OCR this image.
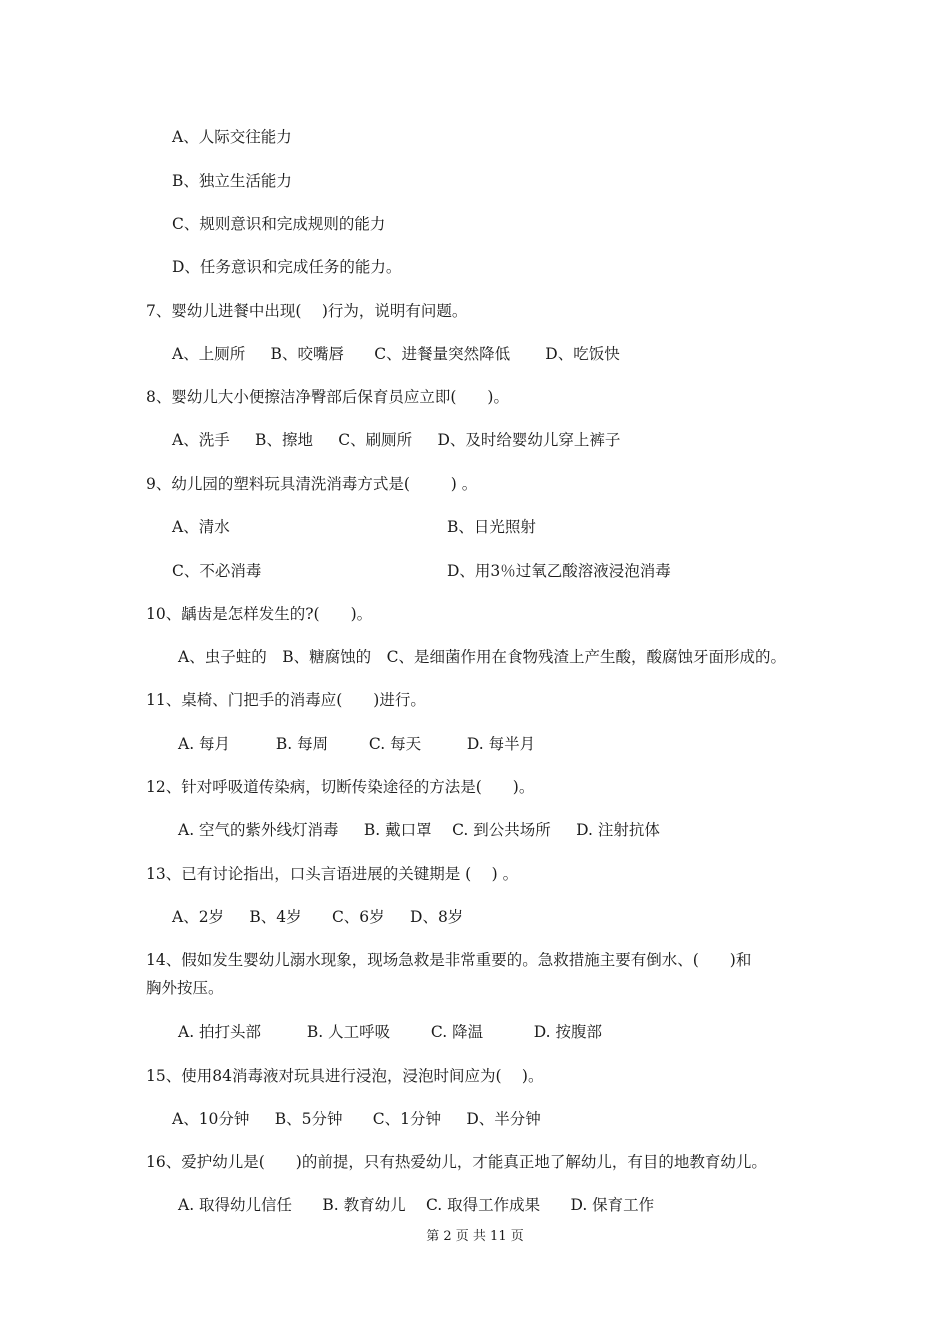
A、人际交往能力

B、独立生活能力

C、规则意识和完成规则的能力

D、任务意识和完成任务的能力。

7、婴幼儿进餐中出现(　 )行为，说明有问题。

A、上厕所　  B、咬嘴唇　   C、进餐量突然降低　    D、吃饭快

8、婴幼儿大小便擦洁净臀部后保育员应立即(　　)。

A、洗手　  B、擦地　  C、刷厕所　  D、及时给婴幼儿穿上裤子

9、幼儿园的塑料玩具清洗消毒方式是(　　  ) 。

A、清水	B、日光照射

C、不必消毒	D、用3％过氧乙酸溶液浸泡消毒

10、龋齿是怎样发生的?(　　)。

A、虫子蛀的　B、糖腐蚀的　C、是细菌作用在食物残渣上产生酸，酸腐蚀牙面形成的。

11、桌椅、门把手的消毒应(　　)进行。

A. 每月　　   B. 每周　　  C. 每天　　   D. 每半月

12、针对呼吸道传染病，切断传染途径的方法是(　　)。

A. 空气的紫外线灯消毒　  B. 戴口罩　 C. 到公共场所　  D. 注射抗体

13、已有讨论指出，口头言语进展的关键期是 (　 ) 。

A、2岁　  B、4岁　   C、6岁　  D、8岁

14、假如发生婴幼儿溺水现象，现场急救是非常重要的。急救措施主要有倒水、(　　)和

胸外按压。

A. 拍打头部　　   B. 人工呼吸　　  C. 降温　　    D. 按腹部

15、使用84消毒液对玩具进行浸泡，浸泡时间应为(　 )。

A、10分钟　  B、5分钟　   C、1分钟　  D、半分钟

16、爱护幼儿是(　　)的前提，只有热爱幼儿，才能真正地了解幼儿，有目的地教育幼儿。

A. 取得幼儿信任　   B. 教育幼儿　 C. 取得工作成果　   D. 保育工作

第 2 页 共 11 页
